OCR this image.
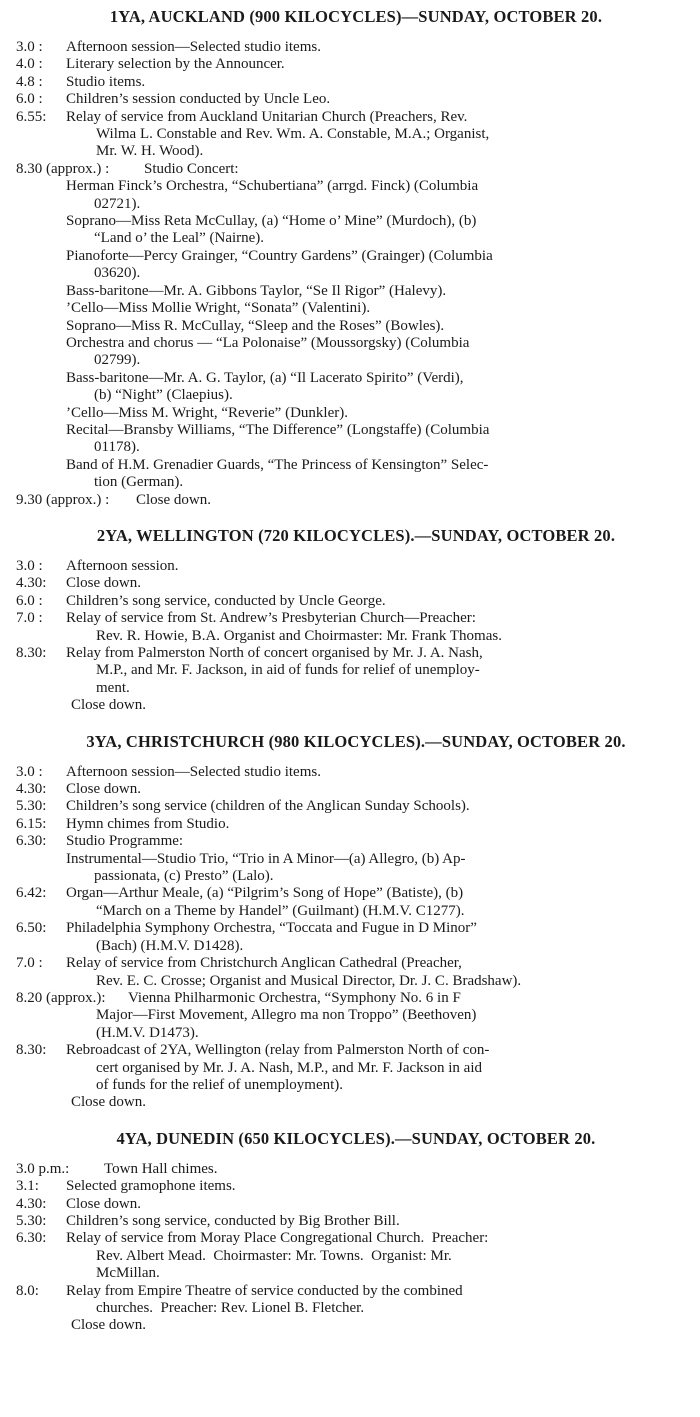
1YA, AUCKLAND (900 KILOCYCLES)—SUNDAY, OCTOBER 20.
3.0 : Afternoon session—Selected studio items.
4.0 : Literary selection by the Announcer.
4.8 : Studio items.
6.0 : Children’s session conducted by Uncle Leo.
6.55: Relay of service from Auckland Unitarian Church (Preachers, Rev.
Wilma L. Constable and Rev. Wm. A. Constable, M.A.; Organist,
Mr. W. H. Wood).
8.30 (approx.) :	Studio Concert:
Herman Finck’s Orchestra, “Schubertiana” (arrgd. Finck) (Columbia
02721).
Soprano—Miss Reta McCullay, (a) “Home o’ Mine” (Murdoch), (b)
“Land o’ the Leal” (Nairne).
Pianoforte—Percy Grainger, “Country Gardens” (Grainger) (Columbia
03620).
Bass-baritone—Mr. A. Gibbons Taylor, “Se Il Rigor” (Halevy).
’Cello—Miss Mollie Wright, “Sonata” (Valentini).
Soprano—Miss R. McCullay, “Sleep and the Roses” (Bowles).
Orchestra and chorus — “La Polonaise” (Moussorgsky) (Columbia
02799).
Bass-baritone—Mr. A. G. Taylor, (a) “Il Lacerato Spirito” (Verdi),
(b) “Night” (Claepius).
’Cello—Miss M. Wright, “Reverie” (Dunkler).
Recital—Bransby Williams, “The Difference” (Longstaffe) (Columbia
01178).
Band of H.M. Grenadier Guards, “The Princess of Kensington” Selec-
tion (German).
9.30 (approx.) :	Close down.
2YA, WELLINGTON (720 KILOCYCLES).—SUNDAY, OCTOBER 20.
3.0 : Afternoon session.
4.30: Close down.
6.0 : Children’s song service, conducted by Uncle George.
7.0 : Relay of service from St. Andrew’s Presbyterian Church—Preacher:
Rev. R. Howie, B.A. Organist and Choirmaster: Mr. Frank Thomas.
8.30: Relay from Palmerston North of concert organised by Mr. J. A. Nash,
M.P., and Mr. F. Jackson, in aid of funds for relief of unemploy-
ment.
Close down.
3YA, CHRISTCHURCH (980 KILOCYCLES).—SUNDAY, OCTOBER 20.
3.0 : Afternoon session—Selected studio items.
4.30: Close down.
5.30: Children’s song service (children of the Anglican Sunday Schools).
6.15: Hymn chimes from Studio.
6.30: Studio Programme:
Instrumental—Studio Trio, “Trio in A Minor—(a) Allegro, (b) Ap-
passionata, (c) Presto” (Lalo).
6.42: Organ—Arthur Meale, (a) “Pilgrim’s Song of Hope” (Batiste), (b)
“March on a Theme by Handel” (Guilmant) (H.M.V. C1277).
6.50: Philadelphia Symphony Orchestra, “Toccata and Fugue in D Minor”
(Bach) (H.M.V. D1428).
7.0 : Relay of service from Christchurch Anglican Cathedral (Preacher,
Rev. E. C. Crosse; Organist and Musical Director, Dr. J. C. Bradshaw).
8.20 (approx.):	Vienna Philharmonic Orchestra, “Symphony No. 6 in F
Major—First Movement, Allegro ma non Troppo” (Beethoven)
(H.M.V. D1473).
8.30: Rebroadcast of 2YA, Wellington (relay from Palmerston North of con-
cert organised by Mr. J. A. Nash, M.P., and Mr. F. Jackson in aid
of funds for the relief of unemployment).
Close down.
4YA, DUNEDIN (650 KILOCYCLES).—SUNDAY, OCTOBER 20.
3.0 p.m.: Town Hall chimes.
3.1: Selected gramophone items.
4.30: Close down.
5.30: Children’s song service, conducted by Big Brother Bill.
6.30: Relay of service from Moray Place Congregational Church.  Preacher:
Rev. Albert Mead.  Choirmaster: Mr. Towns.  Organist: Mr.
McMillan.
8.0: Relay from Empire Theatre of service conducted by the combined
churches.  Preacher: Rev. Lionel B. Fletcher.
Close down.
